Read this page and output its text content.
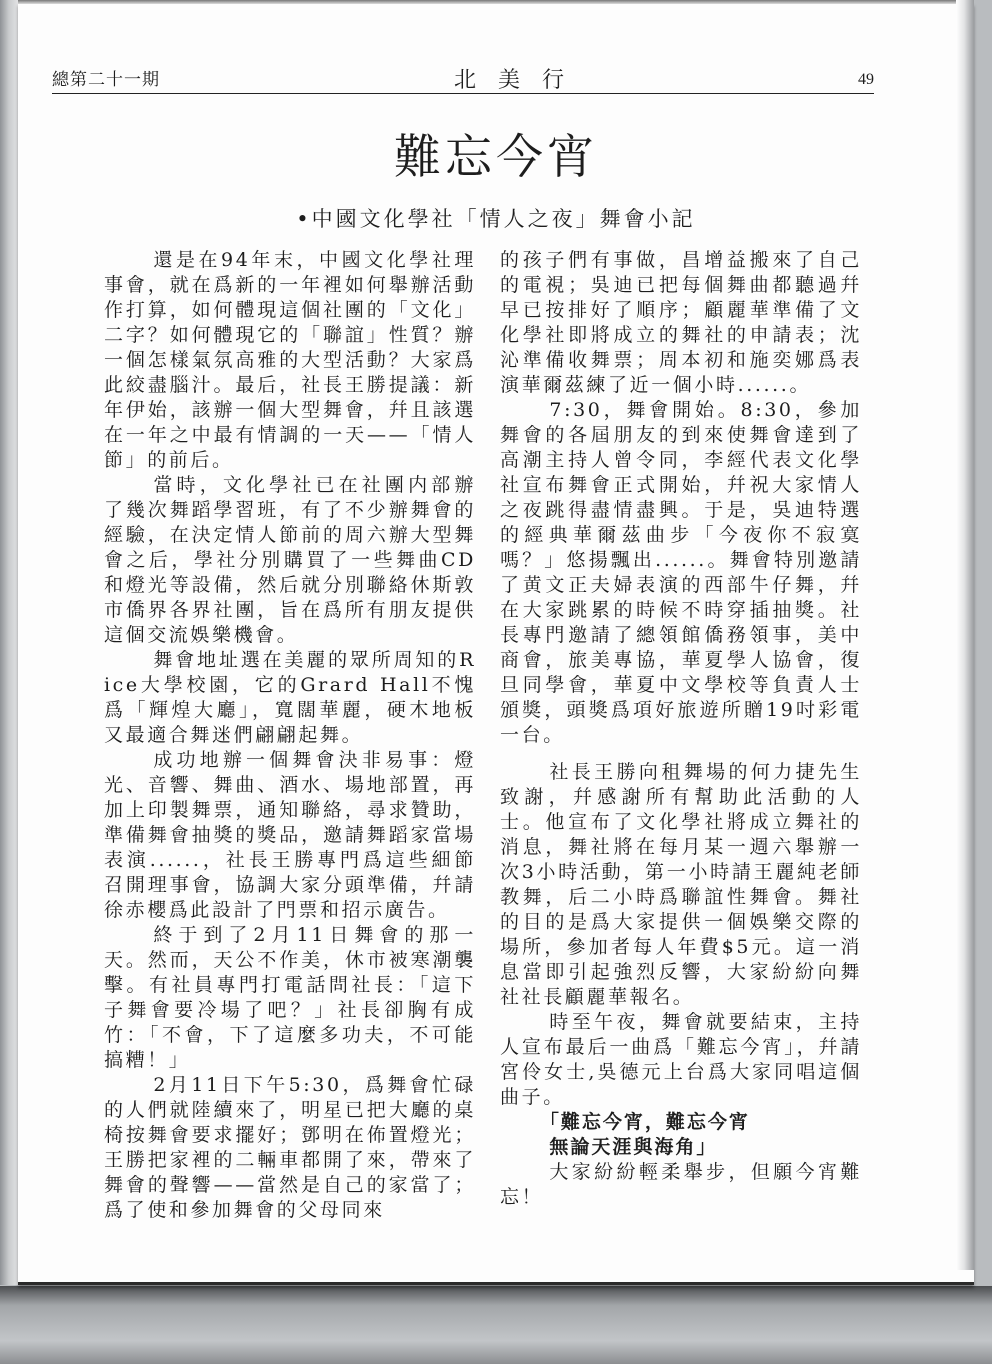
總第二十一期	北美行	49
難忘今宵
•中國文化學社「情人之夜」舞會小記

還是在94年末，中國文化學社理事會，就在爲新的一年裡如何舉辦活動作打算，如何體現這個社團的「文化」二字？如何體現它的「聯誼」性質？辦一個怎樣氣氛高雅的大型活動？大家爲此絞盡腦汁。最后，社長王勝提議：新年伊始，該辦一個大型舞會，幷且該選在一年之中最有情調的一天——「情人節」的前后。

當時，文化學社已在社團内部辦了幾次舞蹈學習班，有了不少辦舞會的經驗，在決定情人節前的周六辦大型舞會之后，學社分別購買了一些舞曲CD和燈光等設備，然后就分別聯絡休斯敦市僑界各界社團，旨在爲所有朋友提供這個交流娛樂機會。

舞會地址選在美麗的眾所周知的Rice大學校園，它的Grard Hall不愧爲「輝煌大廳」，寬闊華麗，硬木地板又最適合舞迷們翩翩起舞。

成功地辦一個舞會決非易事：燈光、音響、舞曲、酒水、場地部置，再加上印製舞票，通知聯絡，尋求贊助，準備舞會抽獎的獎品，邀請舞蹈家當場表演......，社長王勝專門爲這些細節召開理事會，協調大家分頭準備，幷請徐赤櫻爲此設計了門票和招示廣告。

終于到了2月11日舞會的那一天。然而，天公不作美，休市被寒潮襲擊。有社員專門打電話問社長：「這下子舞會要冷場了吧？」社長卻胸有成竹：「不會，下了這麼多功夫，不可能搞糟！」

2月11日下午5:30，爲舞會忙碌的人們就陸續來了，明星已把大廳的桌椅按舞會要求擺好；鄧明在佈置燈光；王勝把家裡的二輛車都開了來，帶來了舞會的聲響——當然是自己的家當了；爲了使和參加舞會的父母同來

的孩子們有事做，昌增益搬來了自己的電視；吳迪已把每個舞曲都聽過幷早已按排好了順序；顧麗華準備了文化學社即將成立的舞社的申請表；沈沁準備收舞票；周本初和施奕娜爲表演華爾茲練了近一個小時......。

7:30，舞會開始。8:30，參加舞會的各屆朋友的到來使舞會達到了高潮主持人曾令同，李經代表文化學社宣布舞會正式開始，幷祝大家情人之夜跳得盡情盡興。于是，吳迪特選的經典華爾茲曲步「今夜你不寂寞嗎？」悠揚飄出......。舞會特別邀請了黄文正夫婦表演的西部牛仔舞，幷在大家跳累的時候不時穿插抽獎。社長專門邀請了總領館僑務領事，美中商會，旅美專協，華夏學人協會，復旦同學會，華夏中文學校等負責人士頒獎，頭獎爲項好旅遊所贈19吋彩電一台。

社長王勝向租舞場的何力捷先生致謝，幷感謝所有幫助此活動的人士。他宣布了文化學社將成立舞社的消息，舞社將在每月某一週六舉辦一次3小時活動，第一小時請王麗純老師教舞，后二小時爲聯誼性舞會。舞社的目的是爲大家提供一個娛樂交際的場所，參加者每人年費$5元。這一消息當即引起強烈反響，大家紛紛向舞社社長顧麗華報名。

時至午夜，舞會就要結束，主持人宣布最后一曲爲「難忘今宵」，幷請宮伶女士,吳德元上台爲大家同唱這個曲子。

「難忘今宵，難忘今宵

無論天涯與海角」

大家紛紛輕柔舉步，但願今宵難忘！
